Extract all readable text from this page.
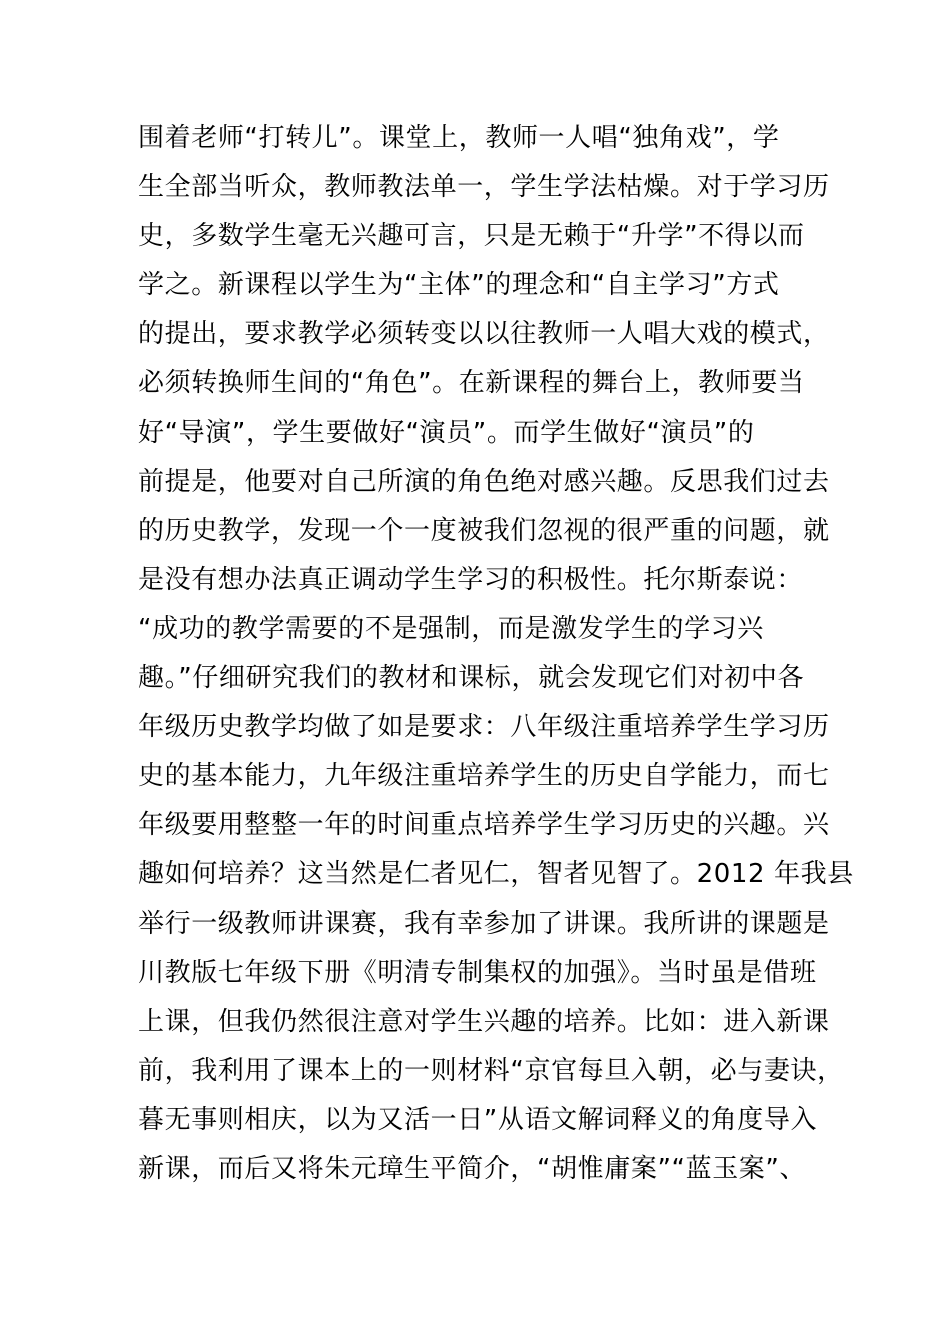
围着老师“打转儿”。课堂上，教师一人唱“独角戏”，学
生全部当听众，教师教法单一，学生学法枯燥。对于学习历
史，多数学生毫无兴趣可言，只是无赖于“升学”不得以而
学之。新课程以学生为“主体”的理念和“自主学习”方式
的提出，要求教学必须转变以以往教师一人唱大戏的模式，
必须转换师生间的“角色”。在新课程的舞台上，教师要当
好“导演”，学生要做好“演员”。而学生做好“演员”的
前提是，他要对自己所演的角色绝对感兴趣。反思我们过去
的历史教学，发现一个一度被我们忽视的很严重的问题，就
是没有想办法真正调动学生学习的积极性。托尔斯泰说：
“成功的教学需要的不是强制，而是激发学生的学习兴
趣。”仔细研究我们的教材和课标，就会发现它们对初中各
年级历史教学均做了如是要求：八年级注重培养学生学习历
史的基本能力，九年级注重培养学生的历史自学能力，而七
年级要用整整一年的时间重点培养学生学习历史的兴趣。兴
趣如何培养？这当然是仁者见仁，智者见智了。2012 年我县
举行一级教师讲课赛，我有幸参加了讲课。我所讲的课题是
川教版七年级下册《明清专制集权的加强》。当时虽是借班
上课，但我仍然很注意对学生兴趣的培养。比如：进入新课
前，我利用了课本上的一则材料“京官每旦入朝，必与妻诀，
暮无事则相庆，以为又活一日”从语文解词释义的角度导入
新课，而后又将朱元璋生平简介，“胡惟庸案”“蓝玉案”、
